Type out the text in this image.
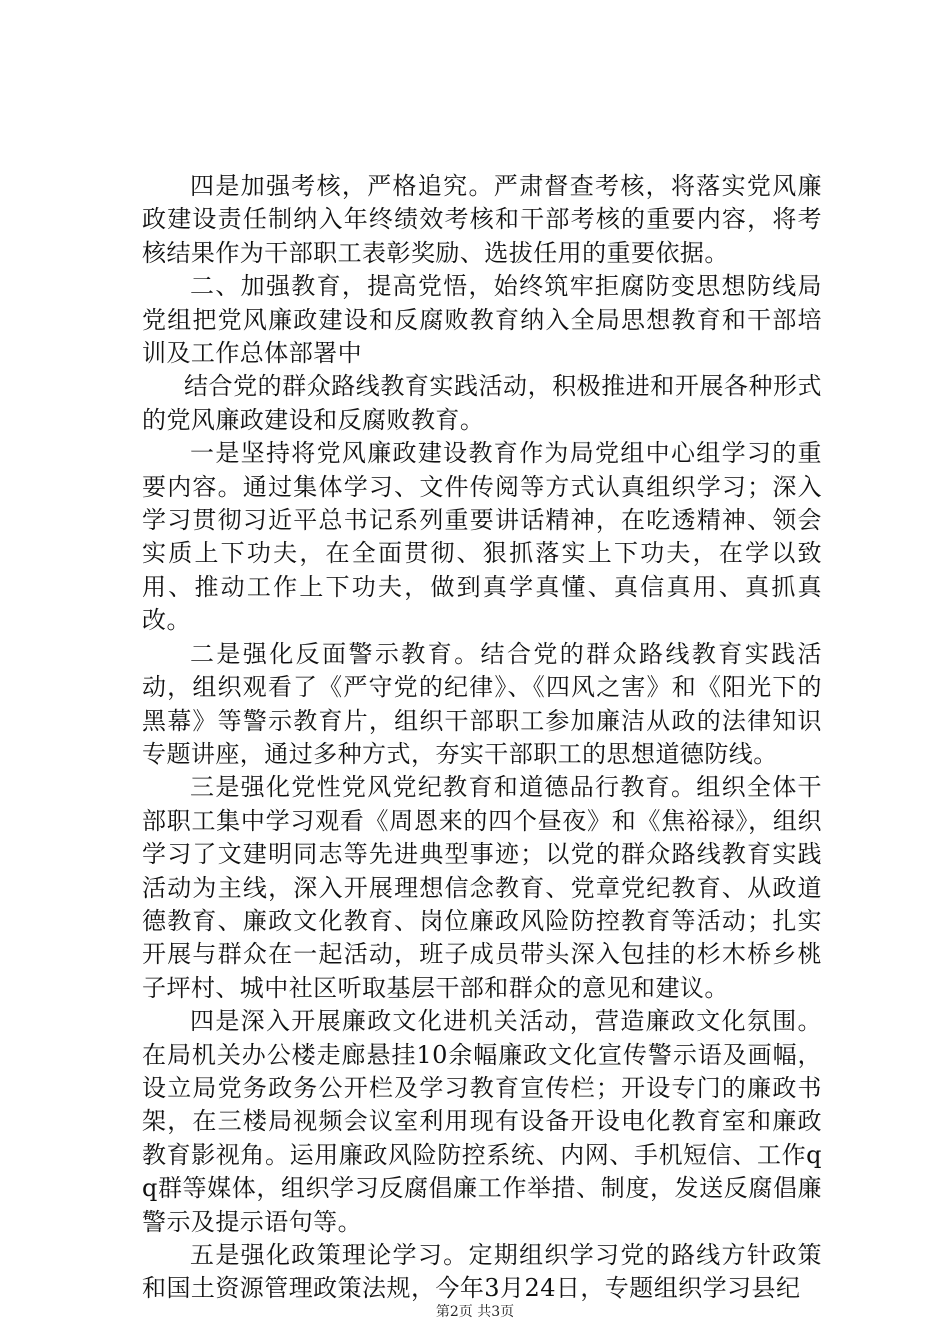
四是加强考核，严格追究。严肃督查考核，将落实党风廉政建设责任制纳入年终绩效考核和干部考核的重要内容，将考核结果作为干部职工表彰奖励、选拔任用的重要依据。

二、加强教育，提高党悟，始终筑牢拒腐防变思想防线局党组把党风廉政建设和反腐败教育纳入全局思想教育和干部培训及工作总体部署中

结合党的群众路线教育实践活动，积极推进和开展各种形式的党风廉政建设和反腐败教育。

一是坚持将党风廉政建设教育作为局党组中心组学习的重要内容。通过集体学习、文件传阅等方式认真组织学习；深入学习贯彻习近平总书记系列重要讲话精神，在吃透精神、领会实质上下功夫，在全面贯彻、狠抓落实上下功夫，在学以致用、推动工作上下功夫，做到真学真懂、真信真用、真抓真改。

二是强化反面警示教育。结合党的群众路线教育实践活动，组织观看了《严守党的纪律》、《四风之害》和《阳光下的黑幕》等警示教育片，组织干部职工参加廉洁从政的法律知识专题讲座，通过多种方式，夯实干部职工的思想道德防线。

三是强化党性党风党纪教育和道德品行教育。组织全体干部职工集中学习观看《周恩来的四个昼夜》和《焦裕禄》，组织学习了文建明同志等先进典型事迹；以党的群众路线教育实践活动为主线，深入开展理想信念教育、党章党纪教育、从政道德教育、廉政文化教育、岗位廉政风险防控教育等活动；扎实开展与群众在一起活动，班子成员带头深入包挂的杉木桥乡桃子坪村、城中社区听取基层干部和群众的意见和建议。

四是深入开展廉政文化进机关活动，营造廉政文化氛围。在局机关办公楼走廊悬挂10余幅廉政文化宣传警示语及画幅，设立局党务政务公开栏及学习教育宣传栏；开设专门的廉政书架，在三楼局视频会议室利用现有设备开设电化教育室和廉政教育影视角。运用廉政风险防控系统、内网、手机短信、工作qq群等媒体，组织学习反腐倡廉工作举措、制度，发送反腐倡廉警示及提示语句等。

五是强化政策理论学习。定期组织学习党的路线方针政策和国土资源管理政策法规，今年3月24日，专题组织学习县纪

第2页 共3页
